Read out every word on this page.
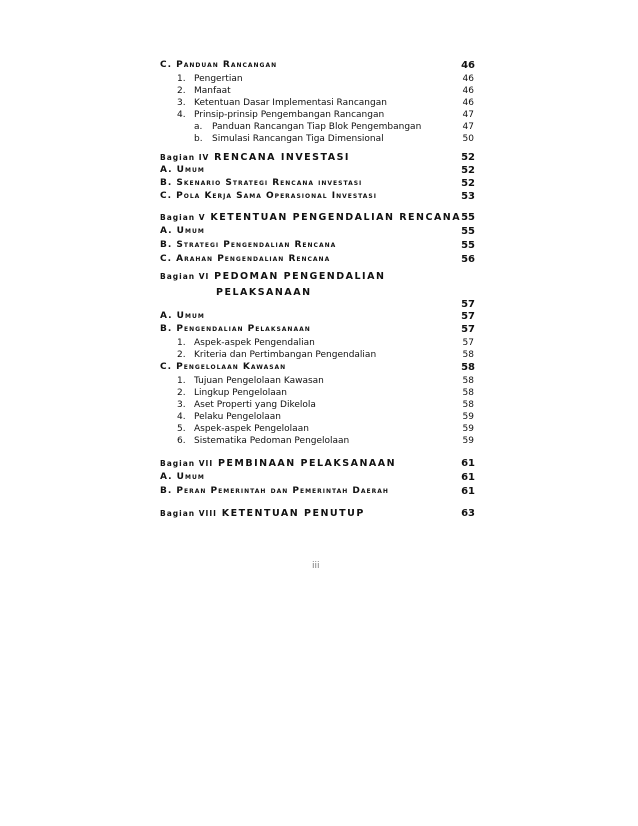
C. Panduan Rancangan	46
1. Pengertian	46
2. Manfaat	46
3. Ketentuan Dasar Implementasi Rancangan	46
4. Prinsip-prinsip Pengembangan Rancangan	47
a. Panduan Rancangan Tiap Blok Pengembangan	47
b. Simulasi Rancangan Tiga Dimensional	50
Bagian IV RENCANA INVESTASI	52
A. Umum	52
B. Skenario Strategi Rencana investasi	52
C. Pola Kerja Sama Operasional Investasi	53
Bagian V KETENTUAN PENGENDALIAN RENCANA 55
A. Umum	55
B. Strategi Pengendalian Rencana	55
C. Arahan Pengendalian Rencana	56
Bagian VI PEDOMAN PENGENDALIAN
PELAKSANAAN
57
A. Umum	57
B. Pengendalian Pelaksanaan	57
1. Aspek-aspek Pengendalian	57
2. Kriteria dan Pertimbangan Pengendalian	58
C. Pengelolaan Kawasan	58
1. Tujuan Pengelolaan Kawasan	58
2. Lingkup Pengelolaan	58
3. Aset Properti yang Dikelola	58
4. Pelaku Pengelolaan	59
5. Aspek-aspek Pengelolaan	59
6. Sistematika Pedoman Pengelolaan	59
Bagian VII PEMBINAAN PELAKSANAAN	61
A. Umum	61
B. Peran Pemerintah dan Pemerintah Daerah	61
Bagian VIII KETENTUAN PENUTUP	63
iii
